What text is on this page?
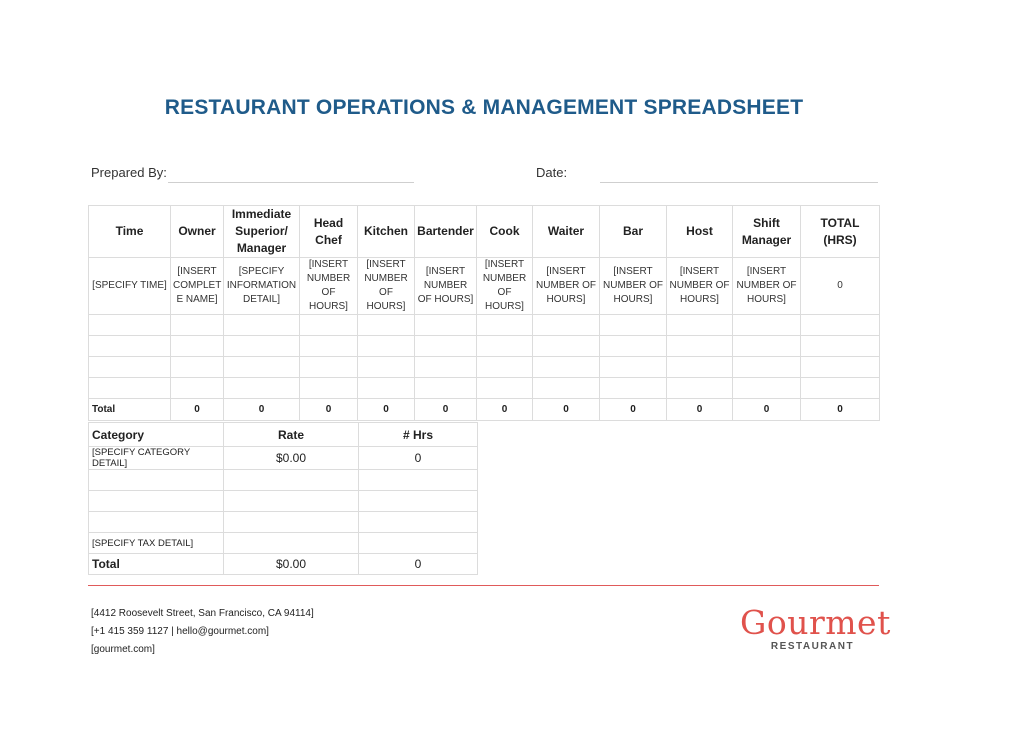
RESTAURANT OPERATIONS & MANAGEMENT SPREADSHEET
Prepared By:	Date:
Time	Owner	Immediate Superior/ Manager	Head Chef	Kitchen	Bartender	Cook	Waiter	Bar	Host	Shift Manager	TOTAL (HRS)
[SPECIFY TIME]	[INSERT COMPLET E NAME]	[SPECIFY INFORMATION DETAIL]	[INSERT NUMBER OF HOURS]	[INSERT NUMBER OF HOURS]	[INSERT NUMBER OF HOURS]	[INSERT NUMBER OF HOURS]	[INSERT NUMBER OF HOURS]	[INSERT NUMBER OF HOURS]	[INSERT NUMBER OF HOURS]	[INSERT NUMBER OF HOURS]	0

Total	0	0	0	0	0	0	0	0	0	0	0
Category	Rate	# Hrs
[SPECIFY CATEGORY DETAIL]	$0.00	0

[SPECIFY TAX DETAIL]		
Total	$0.00	0
[4412 Roosevelt Street, San Francisco, CA 94114]
[+1 415 359 1127 | hello@gourmet.com]
[gourmet.com]
Gourmet
RESTAURANT
